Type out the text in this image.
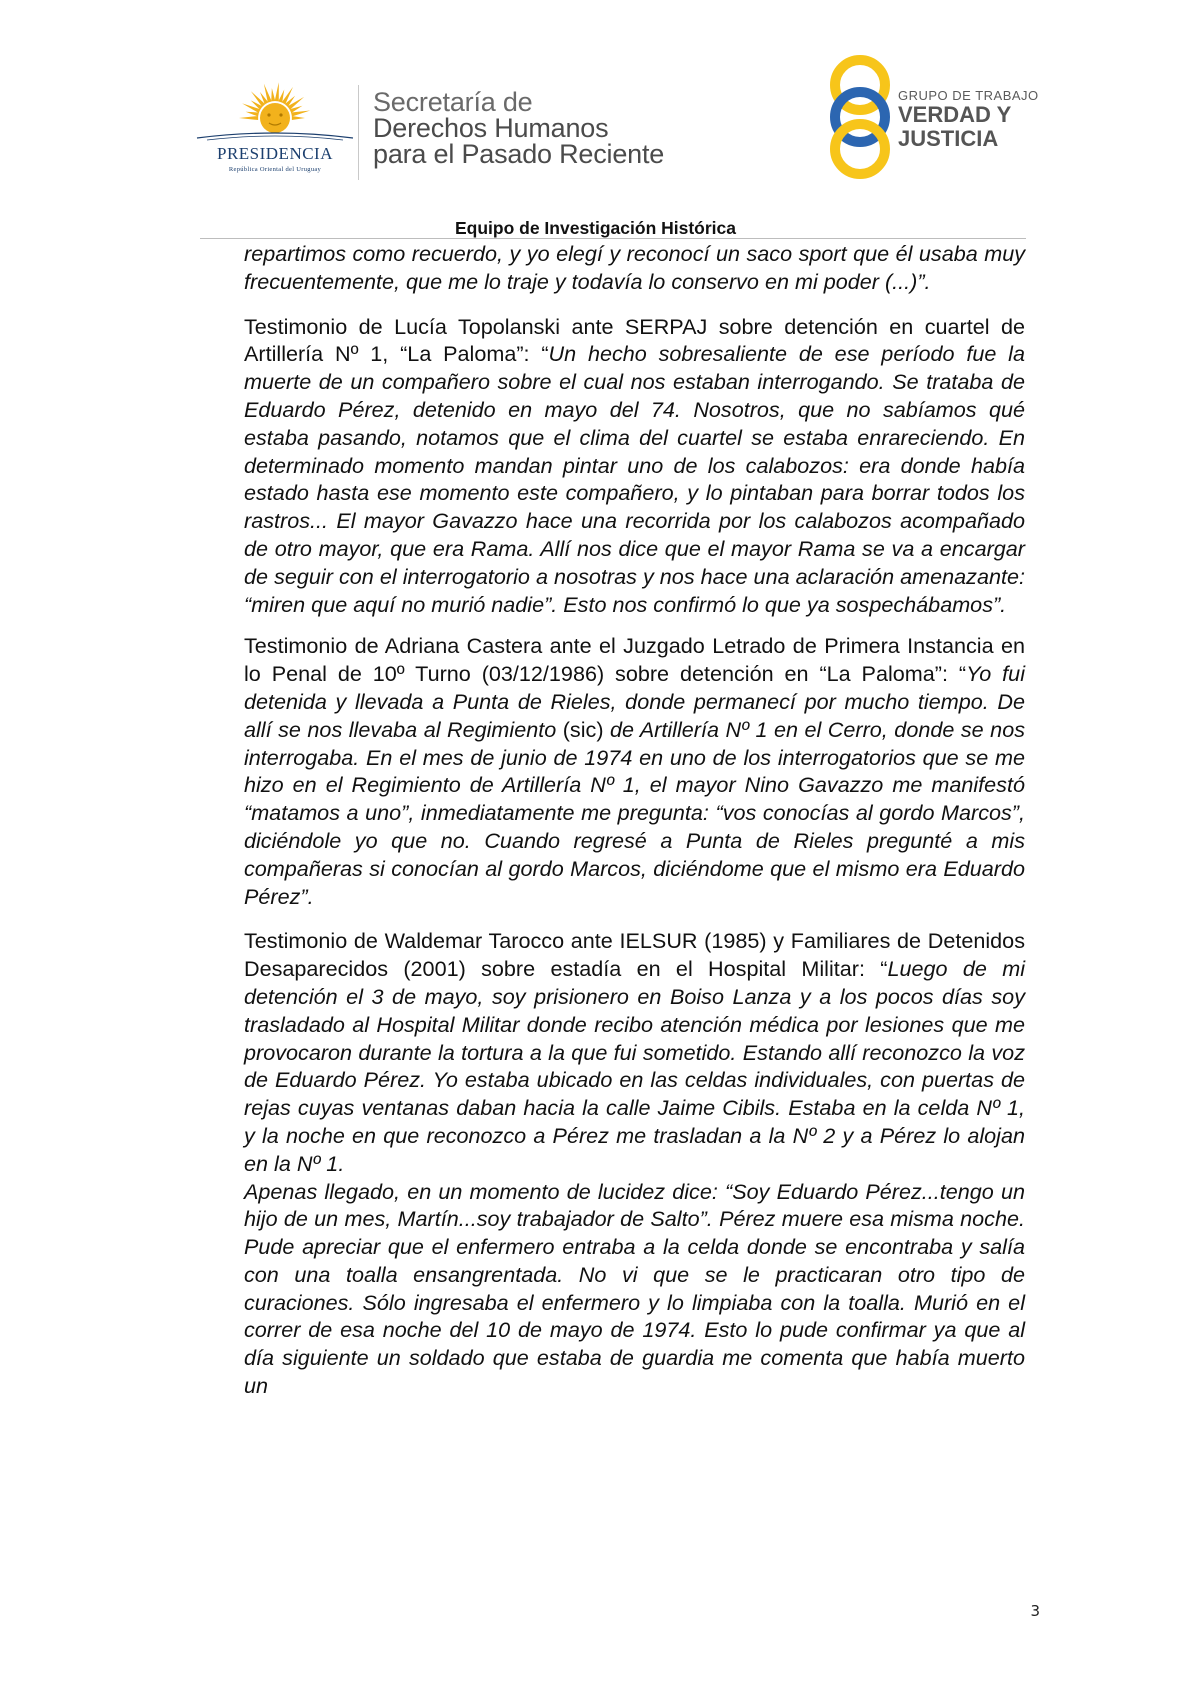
PRESIDENCIA
República Oriental del Uruguay
Secretaría de
Derechos Humanos
para el Pasado Reciente
GRUPO DE TRABAJO
VERDAD Y
JUSTICIA
Equipo de Investigación Histórica

repartimos como recuerdo, y yo elegí y reconocí un saco sport que él usaba muy frecuentemente, que me lo traje y todavía lo conservo en mi poder (...)”.

Testimonio de Lucía Topolanski ante SERPAJ sobre detención en cuartel de Artillería Nº 1, “La Paloma”: “Un hecho sobresaliente de ese período fue la muerte de un compañero sobre el cual nos estaban interrogando. Se trataba de Eduardo Pérez, detenido en mayo del 74. Nosotros, que no sabíamos qué estaba pasando, notamos que el clima del cuartel se estaba enrareciendo. En determinado momento mandan pintar uno de los calabozos: era donde había estado hasta ese momento este compañero, y lo pintaban para borrar todos los rastros... El mayor Gavazzo hace una recorrida por los calabozos acompañado de otro mayor, que era Rama. Allí nos dice que el mayor Rama se va a encargar de seguir con el interrogatorio a nosotras y nos hace una aclaración amenazante: “miren que aquí no murió nadie”. Esto nos confirmó lo que ya sospechábamos”.

Testimonio de Adriana Castera ante el Juzgado Letrado de Primera Instancia en lo Penal de 10º Turno (03/12/1986) sobre detención en “La Paloma”: “Yo fui detenida y llevada a Punta de Rieles, donde permanecí por mucho tiempo. De allí se nos llevaba al Regimiento (sic) de Artillería Nº 1 en el Cerro, donde se nos interrogaba. En el mes de junio de 1974 en uno de los interrogatorios que se me hizo en el Regimiento de Artillería Nº 1, el mayor Nino Gavazzo me manifestó “matamos a uno”, inmediatamente me pregunta: “vos conocías al gordo Marcos”, diciéndole yo que no. Cuando regresé a Punta de Rieles pregunté a mis compañeras si conocían al gordo Marcos, diciéndome que el mismo era Eduardo Pérez”.

Testimonio de Waldemar Tarocco ante IELSUR (1985) y Familiares de Detenidos Desaparecidos (2001) sobre estadía en el Hospital Militar: “Luego de mi detención el 3 de mayo, soy prisionero en Boiso Lanza y a los pocos días soy trasladado al Hospital Militar donde recibo atención médica por lesiones que me provocaron durante la tortura a la que fui sometido. Estando allí reconozco la voz de Eduardo Pérez. Yo estaba ubicado en las celdas individuales, con puertas de rejas cuyas ventanas daban hacia la calle Jaime Cibils. Estaba en la celda Nº 1, y la noche en que reconozco a Pérez me trasladan a la Nº 2 y a Pérez lo alojan en la Nº 1.

Apenas llegado, en un momento de lucidez dice: “Soy Eduardo Pérez...tengo un hijo de un mes, Martín...soy trabajador de Salto”. Pérez muere esa misma noche. Pude apreciar que el enfermero entraba a la celda donde se encontraba y salía con una toalla ensangrentada. No vi que se le practicaran otro tipo de curaciones. Sólo ingresaba el enfermero y lo limpiaba con la toalla. Murió en el correr de esa noche del 10 de mayo de 1974. Esto lo pude confirmar ya que al día siguiente un soldado que estaba de guardia me comenta que había muerto un

3
